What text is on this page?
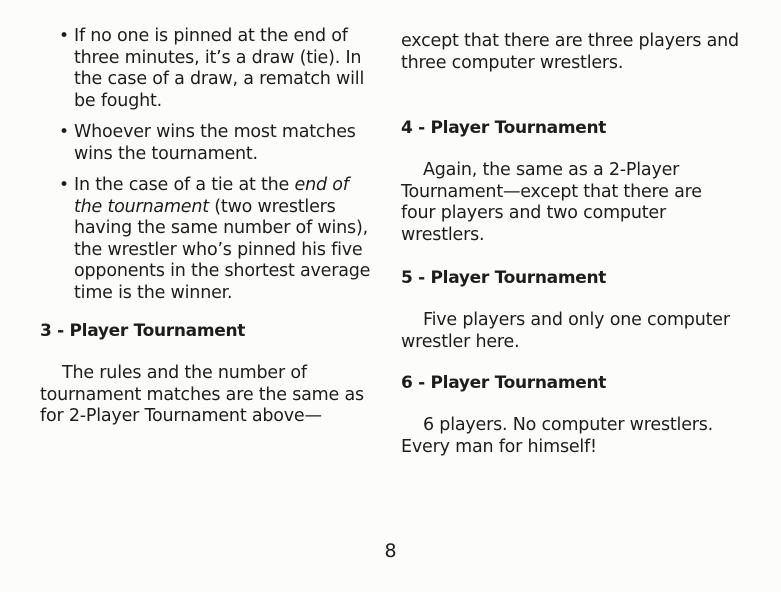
• If no one is pinned at the end of three minutes, it’s a draw (tie). In the case of a draw, a rematch will be fought.

• Whoever wins the most matches wins the tournament.

• In the case of a tie at the end of the tournament (two wrestlers having the same number of wins), the wrestler who’s pinned his five opponents in the shortest average time is the winner.

3 - Player Tournament

The rules and the number of tournament matches are the same as for 2-Player Tournament above—

except that there are three players and three computer wrestlers.

4 - Player Tournament

Again, the same as a 2-Player Tournament—except that there are four players and two computer wrestlers.

5 - Player Tournament

Five players and only one computer wrestler here.

6 - Player Tournament

6 players. No computer wrestlers. Every man for himself!

8
